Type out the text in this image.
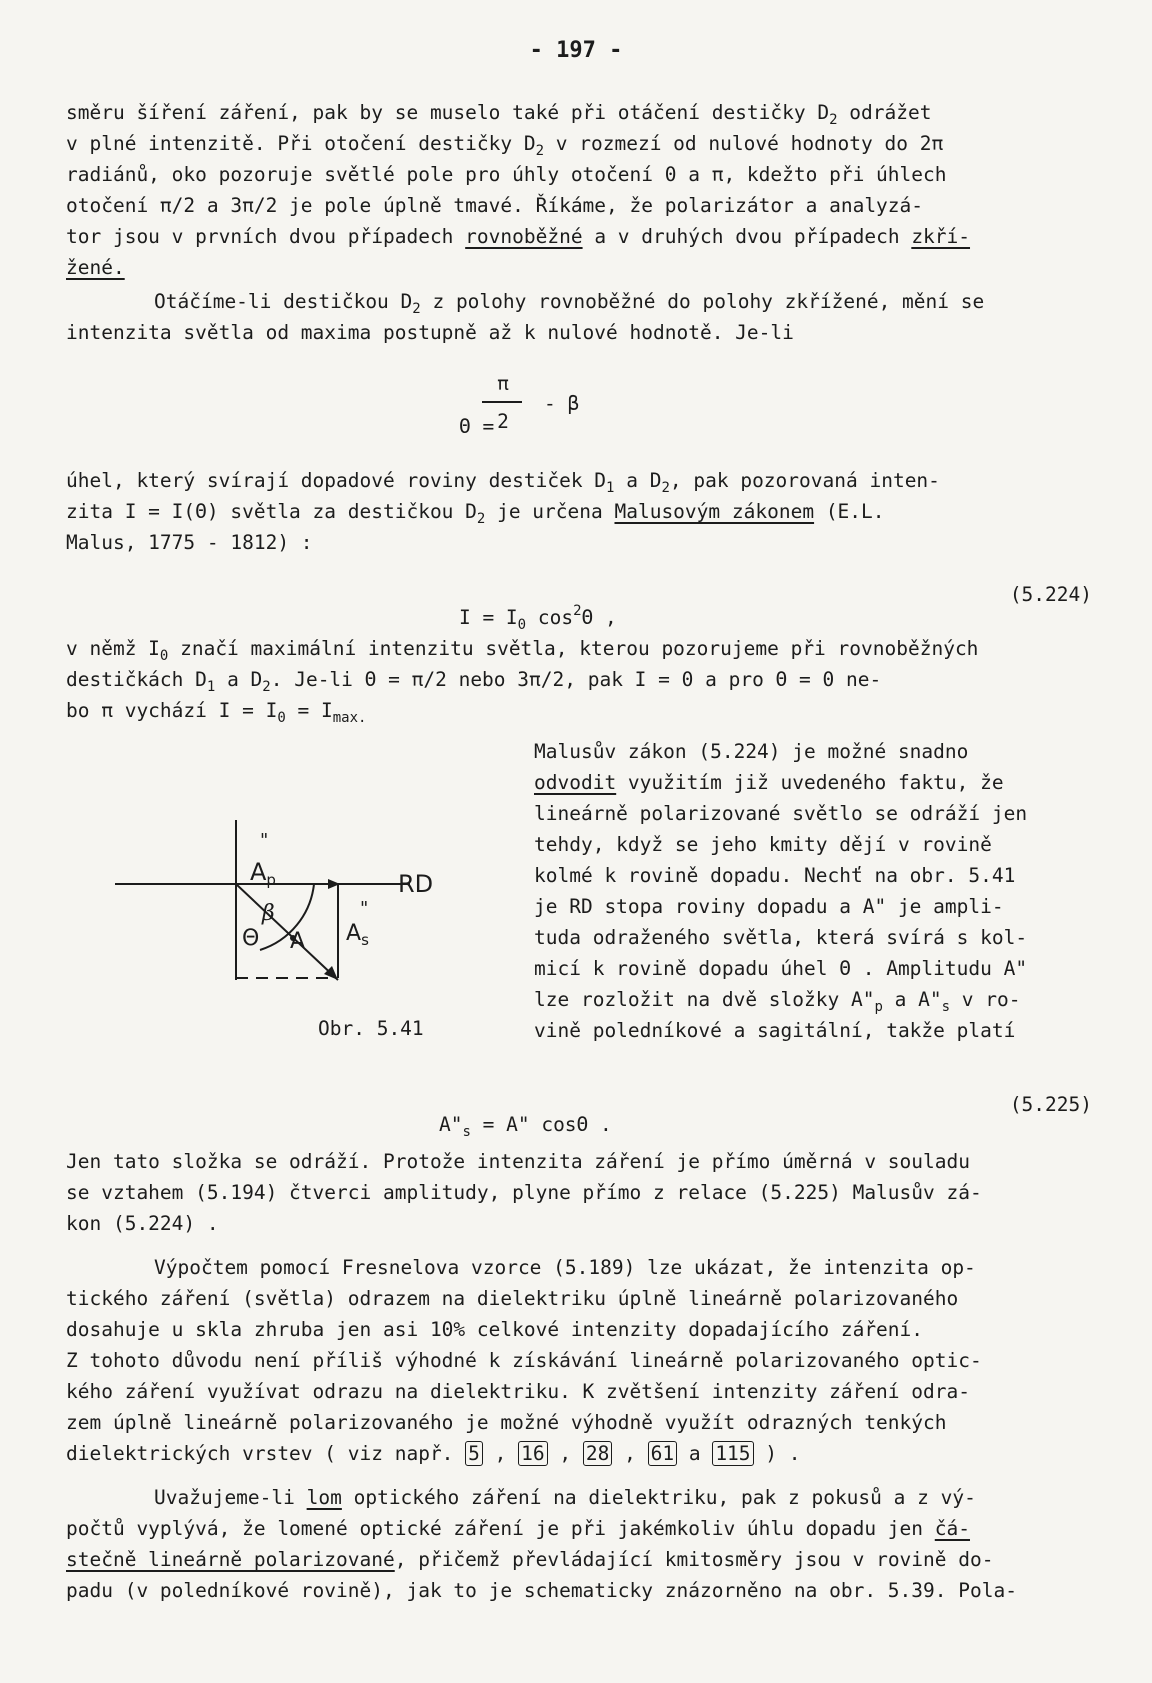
- 197 -
směru šíření záření, pak by se muselo také při otáčení destičky $D_2$ odrážet
v plné intenzitě. Při otočení destičky $D_2$ v rozmezí od nulové hodnoty do 2π
radiánů, oko pozoruje světlé pole pro úhly otočení 0 a π, kdežto při úhlech
otočení π/2 a 3π/2 je pole úplně tmavé. Říkáme, že polarizátor a analyzá-
tor jsou v prvních dvou případech rovnoběžné a v druhých dvou případech zkří-
žené.
Otáčíme-li destičkou $D_2$ z polohy rovnoběžné do polohy zkřížené, mění se
intenzita světla od maxima postupně až k nulové hodnotě. Je-li

Θ =

π
2
- β
úhel, který svírají dopadové roviny destiček $D_1$ a $D_2$, pak pozorovaná inten-
zita I = I(Θ) světla za destičkou $D_2$ je určena Malusovým zákonem (E.L.
Malus, 1775 - 1812) :

$I = I_0$ $\cos^2\Theta$ ,

(5.224)
v němž $I_0$ značí maximální intenzitu světla, kterou pozorujeme při rovnoběžných
destičkách $D_1$ a $D_2$. Je-li Θ = π/2 nebo 3π/2, pak I = 0 a pro Θ = 0 ne-
bo π vychází $I = I_0 = I_{max.}$
Malusův zákon (5.224) je možné snadno
odvodit využitím již uvedeného faktu, že
lineárně polarizované světlo se odráží jen
tehdy, když se jeho kmity dějí v rovině
kolmé k rovině dopadu. Nechť na obr. 5.41
je RD stopa roviny dopadu a A" je ampli-
tuda odraženého světla, která svírá s kol-
micí k rovině dopadu úhel Θ . Amplitudu A"
lze rozložit na dvě složky $A"_p$ a $A"_s$ v ro-
vině poledníkové a sagitální, takže platí
$A_p$
"
RD
β
Θ A $A_s$
"
Obr. 5.41

$A"_s = A$" cosΘ .

(5.225)
Jen tato složka se odráží. Protože intenzita záření je přímo úměrná v souladu
se vztahem (5.194) čtverci amplitudy, plyne přímo z relace (5.225) Malusův zá-
kon (5.224) .
Výpočtem pomocí Fresnelova vzorce (5.189) lze ukázat, že intenzita op-
tického záření (světla) odrazem na dielektriku úplně lineárně polarizovaného
dosahuje u skla zhruba jen asi 10% celkové intenzity dopadajícího záření.
Z tohoto důvodu není příliš výhodné k získávání lineárně polarizovaného optic-
kého záření využívat odrazu na dielektriku. K zvětšení intenzity záření odra-
zem úplně lineárně polarizovaného je možné výhodně využít odrazných tenkých
dielektrických vrstev ( viz např. 5 , 16 , 28 , 61 a 115 ) .
Uvažujeme-li lom optického záření na dielektriku, pak z pokusů a z vý-
počtů vyplývá, že lomené optické záření je při jakémkoliv úhlu dopadu jen čá-
stečně lineárně polarizované, přičemž převládající kmitosměry jsou v rovině do-
padu (v poledníkové rovině), jak to je schematicky znázorněno na obr. 5.39. Pola-
